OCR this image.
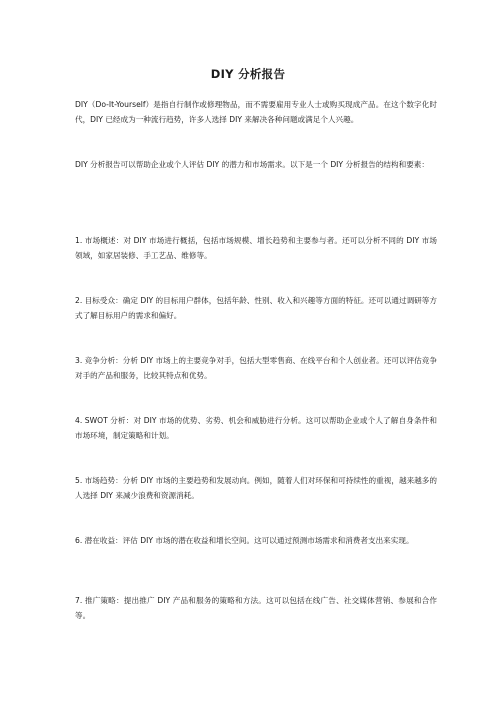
DIY 分析报告

DIY（Do-It-Yourself）是指自行制作或修理物品，而不需要雇用专业人士或购买现成产品。在这个数字化时代，DIY 已经成为一种流行趋势，许多人选择 DIY 来解决各种问题或满足个人兴趣。

DIY 分析报告可以帮助企业或个人评估 DIY 的潜力和市场需求。以下是一个 DIY 分析报告的结构和要素：

1. 市场概述：对 DIY 市场进行概括，包括市场规模、增长趋势和主要参与者。还可以分析不同的 DIY 市场领域，如家居装修、手工艺品、维修等。

2. 目标受众：确定 DIY 的目标用户群体，包括年龄、性别、收入和兴趣等方面的特征。还可以通过调研等方式了解目标用户的需求和偏好。

3. 竞争分析：分析 DIY 市场上的主要竞争对手，包括大型零售商、在线平台和个人创业者。还可以评估竞争对手的产品和服务，比较其特点和优势。

4. SWOT 分析：对 DIY 市场的优势、劣势、机会和威胁进行分析。这可以帮助企业或个人了解自身条件和市场环境，制定策略和计划。

5. 市场趋势：分析 DIY 市场的主要趋势和发展动向。例如，随着人们对环保和可持续性的重视，越来越多的人选择 DIY 来减少浪费和资源消耗。

6. 潜在收益：评估 DIY 市场的潜在收益和增长空间。这可以通过预测市场需求和消费者支出来实现。

7. 推广策略：提出推广 DIY 产品和服务的策略和方法。这可以包括在线广告、社交媒体营销、参展和合作等。
